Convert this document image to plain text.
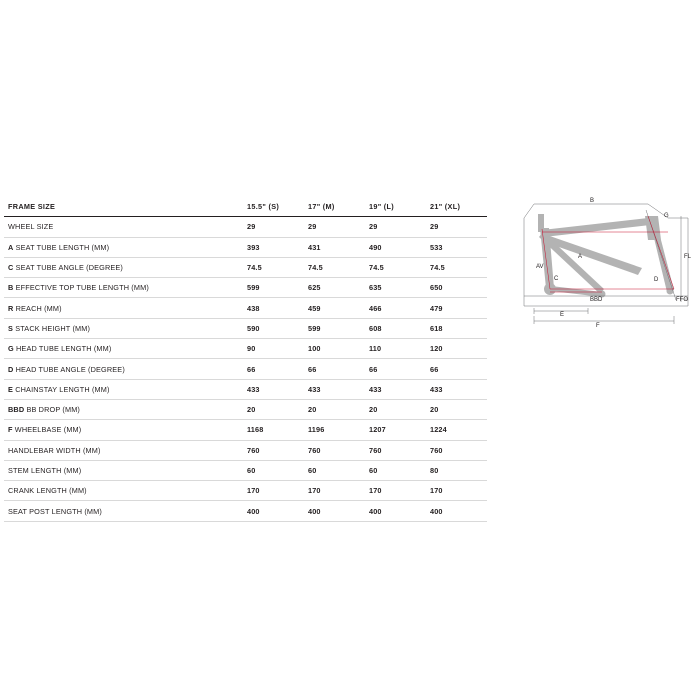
FRAME SIZE	15.5" (S)	17" (M)	19" (L)	21" (XL)
WHEEL SIZE	29	29	29	29
A SEAT TUBE LENGTH (MM)	393	431	490	533
C SEAT TUBE ANGLE (DEGREE)	74.5	74.5	74.5	74.5
B EFFECTIVE TOP TUBE LENGTH (MM)	599	625	635	650
R REACH (MM)	438	459	466	479
S STACK HEIGHT (MM)	590	599	608	618
G HEAD TUBE LENGTH (MM)	90	100	110	120
D HEAD TUBE ANGLE (DEGREE)	66	66	66	66
E CHAINSTAY LENGTH (MM)	433	433	433	433
BBD BB DROP (MM)	20	20	20	20
F WHEELBASE (MM)	1168	1196	1207	1224
HANDLEBAR WIDTH (MM)	760	760	760	760
STEM LENGTH (MM)	60	60	60	80
CRANK LENGTH (MM)	170	170	170	170
SEAT POST LENGTH (MM)	400	400	400	400
B
G
FL
A
AV
C	D
BBD	FFO
E
F
